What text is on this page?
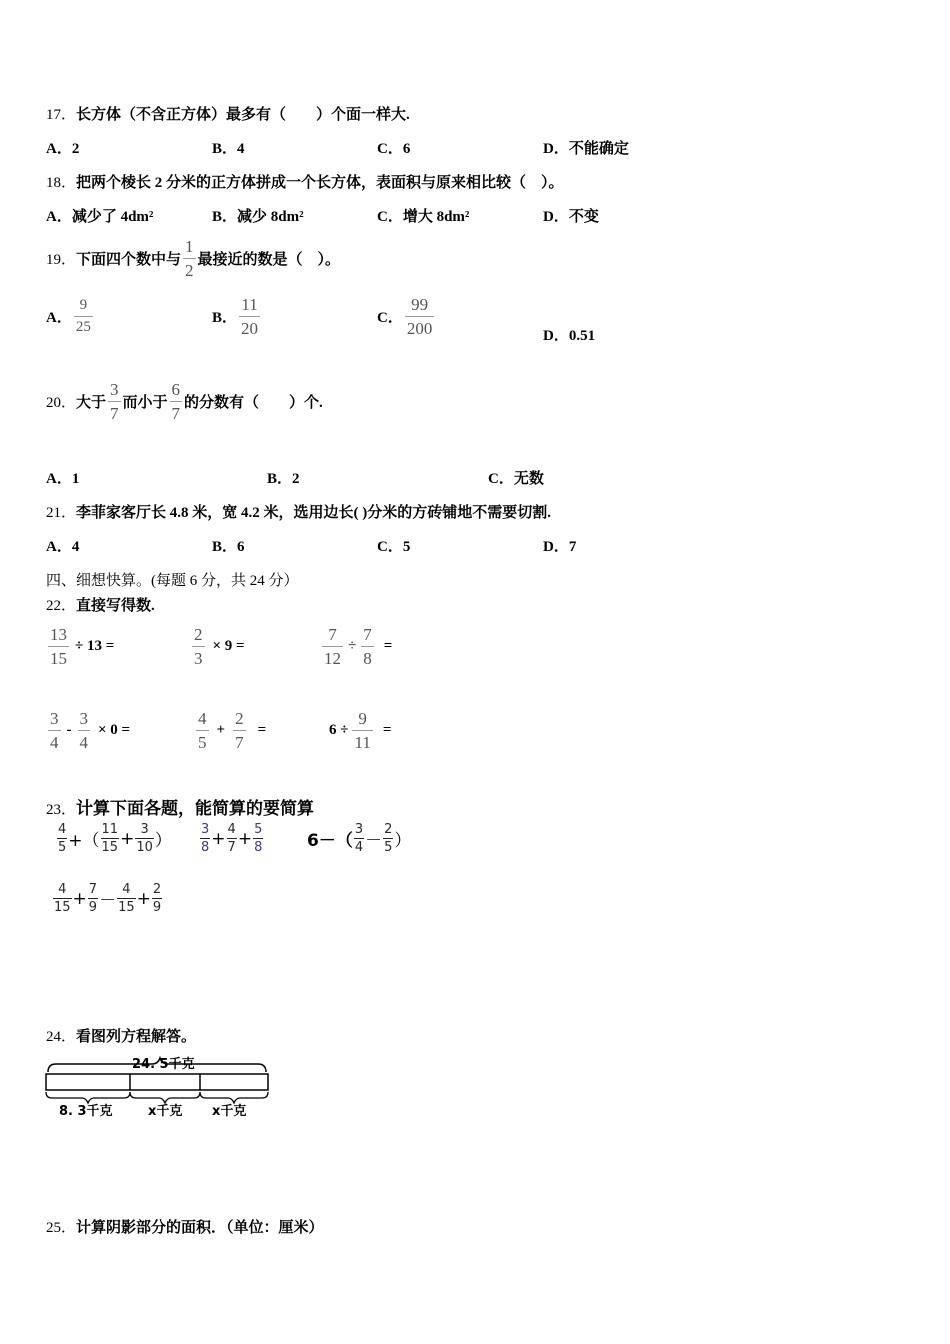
17．长方体（不含正方体）最多有（　　）个面一样大.
A．2	B．4	C．6	D．不能确定
18．把两个棱长 2 分米的正方体拼成一个长方体，表面积与原来相比较（　）。
A．减少了 4dm²	B．减少 8dm²	C．增大 8dm²	D．不变
19． 下面四个数中与 $\frac{1}{2}$ 最接近的数是（　）。
A． $\frac{9}{25}$	B． $\frac{11}{20}$	C． $\frac{99}{200}$	D．0.51
20． 大于 $\frac{3}{7}$ 而小于 $\frac{6}{7}$ 的分数有（　　）个.
A．1	B．2	C．无数
21．李菲家客厅长 4.8 米，宽 4.2 米，选用边长( )分米的方砖铺地不需要切割.
A．4	B．6	C．5	D．7
四、细想快算。(每题 6 分，共 24 分）
22．直接写得数.
$\frac{13}{15} \div 13$ =	$\frac{2}{3} \times 9$ =	$\frac{7}{12} \div \frac{7}{8}$ =
$\frac{3}{4} - \frac{3}{4} \times 0$ =	$\frac{4}{5} + \frac{2}{7}$ =	$6 \div \frac{9}{11}$ =
23．计算下面各题，能简算的要简算
4
5 +（
11
$15 + \frac{3}{10}$ ）
3
$8 + \frac{4}{7} + \frac{5}{8}$	6－（
3
4 －
2
5 ）
4
$15 + \frac{7}{9}$ －
4
$15 + \frac{2}{9}$
24．看图列方程解答。
24. 5千克
8. 3千克	x千克 x千克
25．计算阴影部分的面积．（单位：厘米）
